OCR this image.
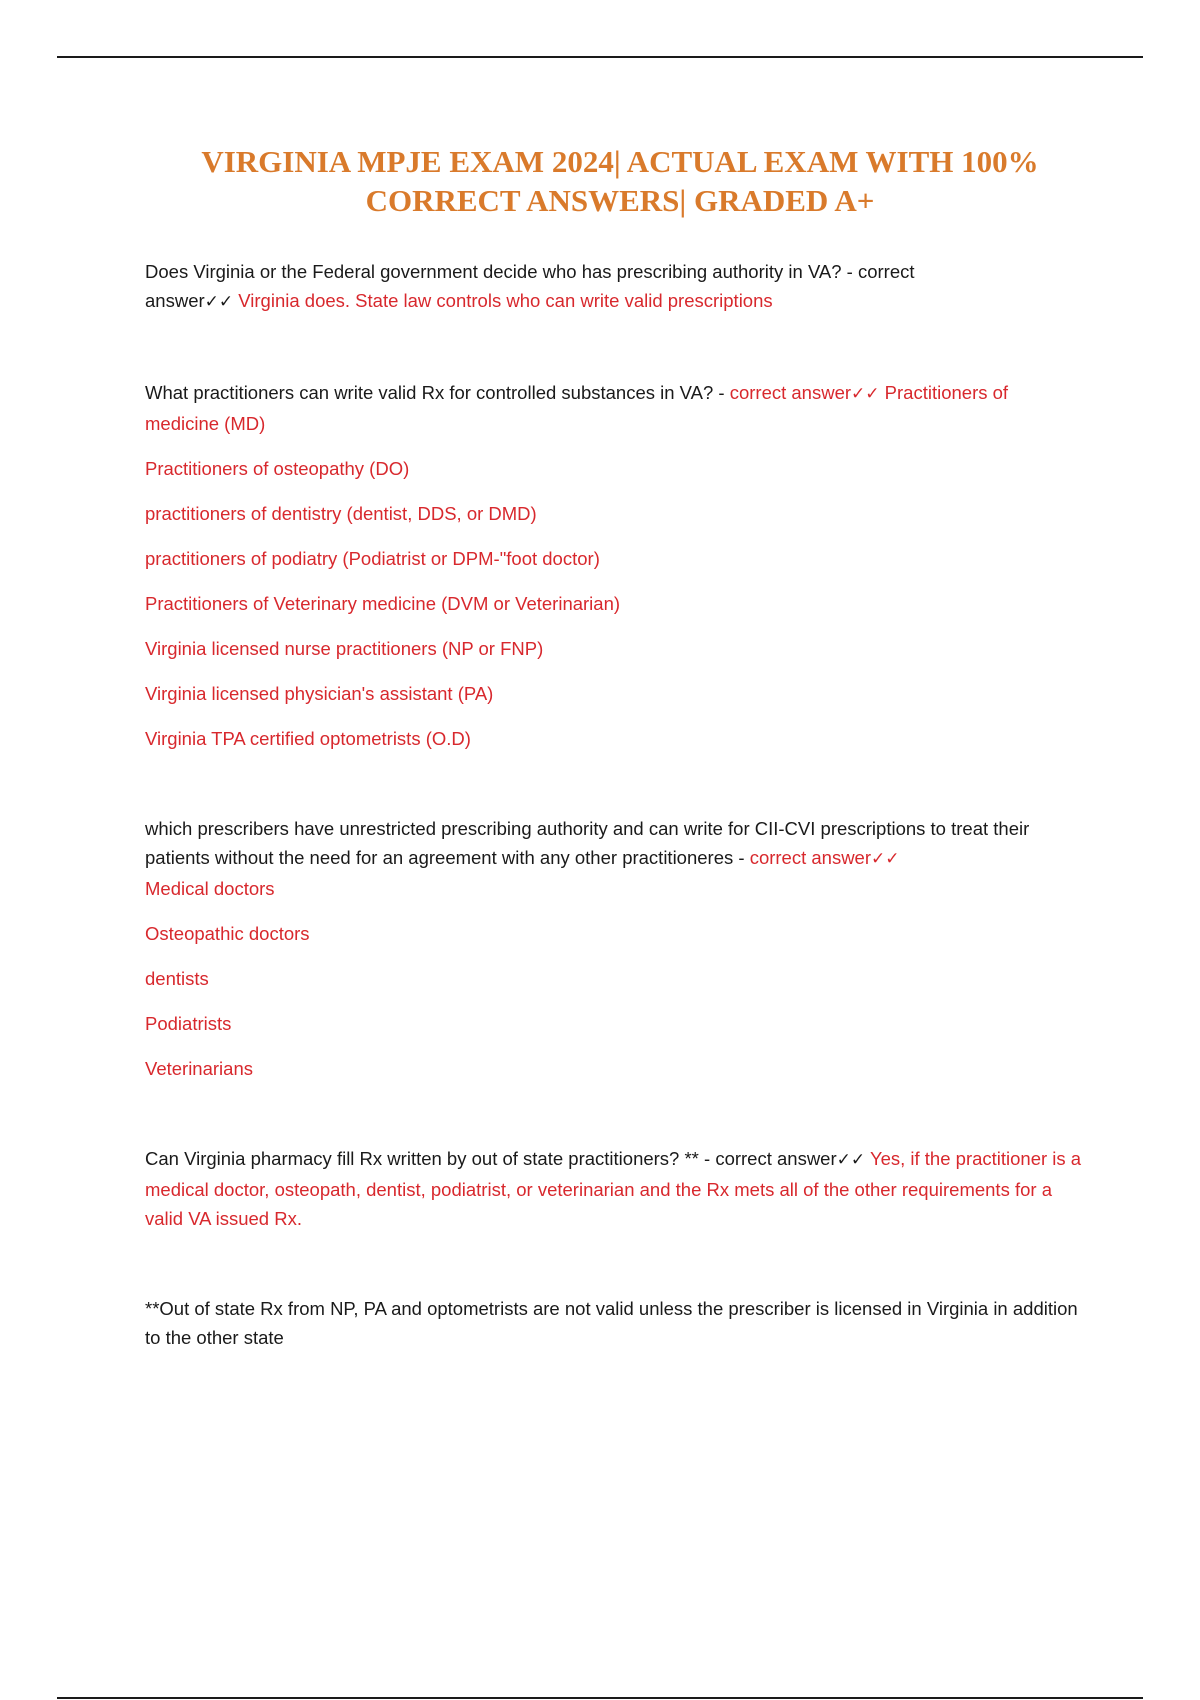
VIRGINIA MPJE EXAM 2024| ACTUAL EXAM WITH 100%
CORRECT ANSWERS| GRADED A+

Does Virginia or the Federal government decide who has prescribing authority in VA? - correct answer✓✓ Virginia does. State law controls who can write valid prescriptions

What practitioners can write valid Rx for controlled substances in VA? - correct answer✓✓ Practitioners of medicine (MD)

Practitioners of osteopathy (DO)

practitioners of dentistry (dentist, DDS, or DMD)

practitioners of podiatry (Podiatrist or DPM-"foot doctor)

Practitioners of Veterinary medicine (DVM or Veterinarian)

Virginia licensed nurse practitioners (NP or FNP)

Virginia licensed physician's assistant (PA)

Virginia TPA certified optometrists (O.D)

which prescribers have unrestricted prescribing authority and can write for CII-CVI prescriptions to treat their patients without the need for an agreement with any other practitioneres - correct answer✓✓
Medical doctors

Osteopathic doctors

dentists

Podiatrists

Veterinarians

Can Virginia pharmacy fill Rx written by out of state practitioners? ** - correct answer✓✓ Yes, if the practitioner is a medical doctor, osteopath, dentist, podiatrist, or veterinarian and the Rx mets all of the other requirements for a valid VA issued Rx.

**Out of state Rx from NP, PA and optometrists are not valid unless the prescriber is licensed in Virginia in addition to the other state
